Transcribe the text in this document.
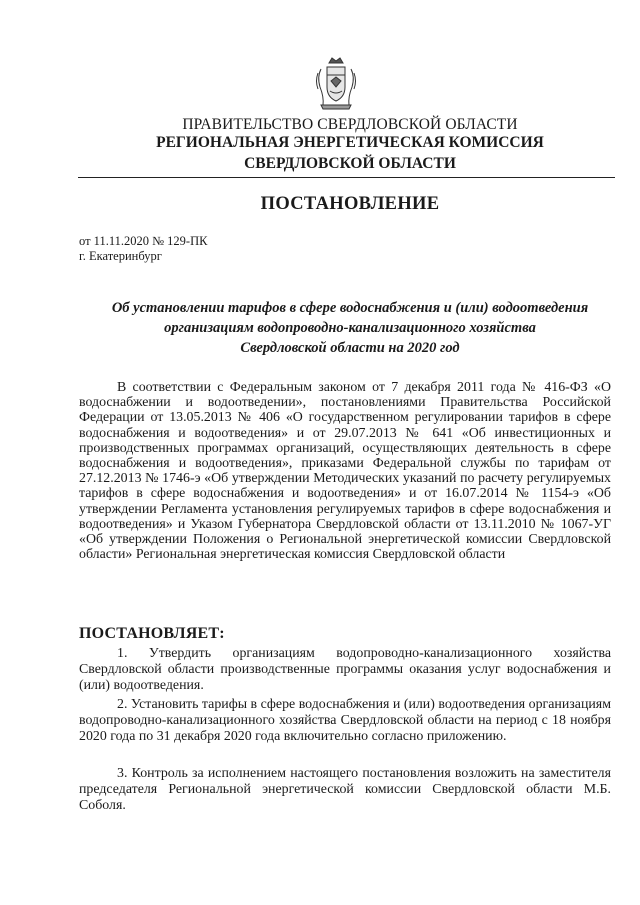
ПРАВИТЕЛЬСТВО СВЕРДЛОВСКОЙ ОБЛАСТИ
РЕГИОНАЛЬНАЯ ЭНЕРГЕТИЧЕСКАЯ КОМИССИЯ
СВЕРДЛОВСКОЙ ОБЛАСТИ
ПОСТАНОВЛЕНИЕ
от 11.11.2020 № 129-ПК
г. Екатеринбург
Об установлении тарифов в сфере водоснабжения и (или) водоотведения
организациям водопроводно-канализационного хозяйства
Свердловской области на 2020 год
В соответствии с Федеральным законом от 7 декабря 2011 года № 416-ФЗ «О водоснабжении и водоотведении», постановлениями Правительства Российской Федерации от 13.05.2013 № 406 «О государственном регулировании тарифов в сфере водоснабжения и водоотведения» и от 29.07.2013 № 641 «Об инвестиционных и производственных программах организаций, осуществляющих деятельность в сфере водоснабжения и водоотведения», приказами Федеральной службы по тарифам от 27.12.2013 № 1746-э «Об утверждении Методических указаний по расчету регулируемых тарифов в сфере водоснабжения и водоотведения» и от 16.07.2014 № 1154-э «Об утверждении Регламента установления регулируемых тарифов в сфере водоснабжения и водоотведения» и Указом Губернатора Свердловской области от 13.11.2010 № 1067-УГ «Об утверждении Положения о Региональной энергетической комиссии Свердловской области» Региональная энергетическая комиссия Свердловской области
ПОСТАНОВЛЯЕТ:
1. Утвердить организациям водопроводно-канализационного хозяйства Свердловской области производственные программы оказания услуг водоснабжения и (или) водоотведения.
2. Установить тарифы в сфере водоснабжения и (или) водоотведения организациям водопроводно-канализационного хозяйства Свердловской области на период с 18 ноября 2020 года по 31 декабря 2020 года включительно согласно приложению.
3. Контроль за исполнением настоящего постановления возложить на заместителя председателя Региональной энергетической комиссии Свердловской области М.Б. Соболя.
